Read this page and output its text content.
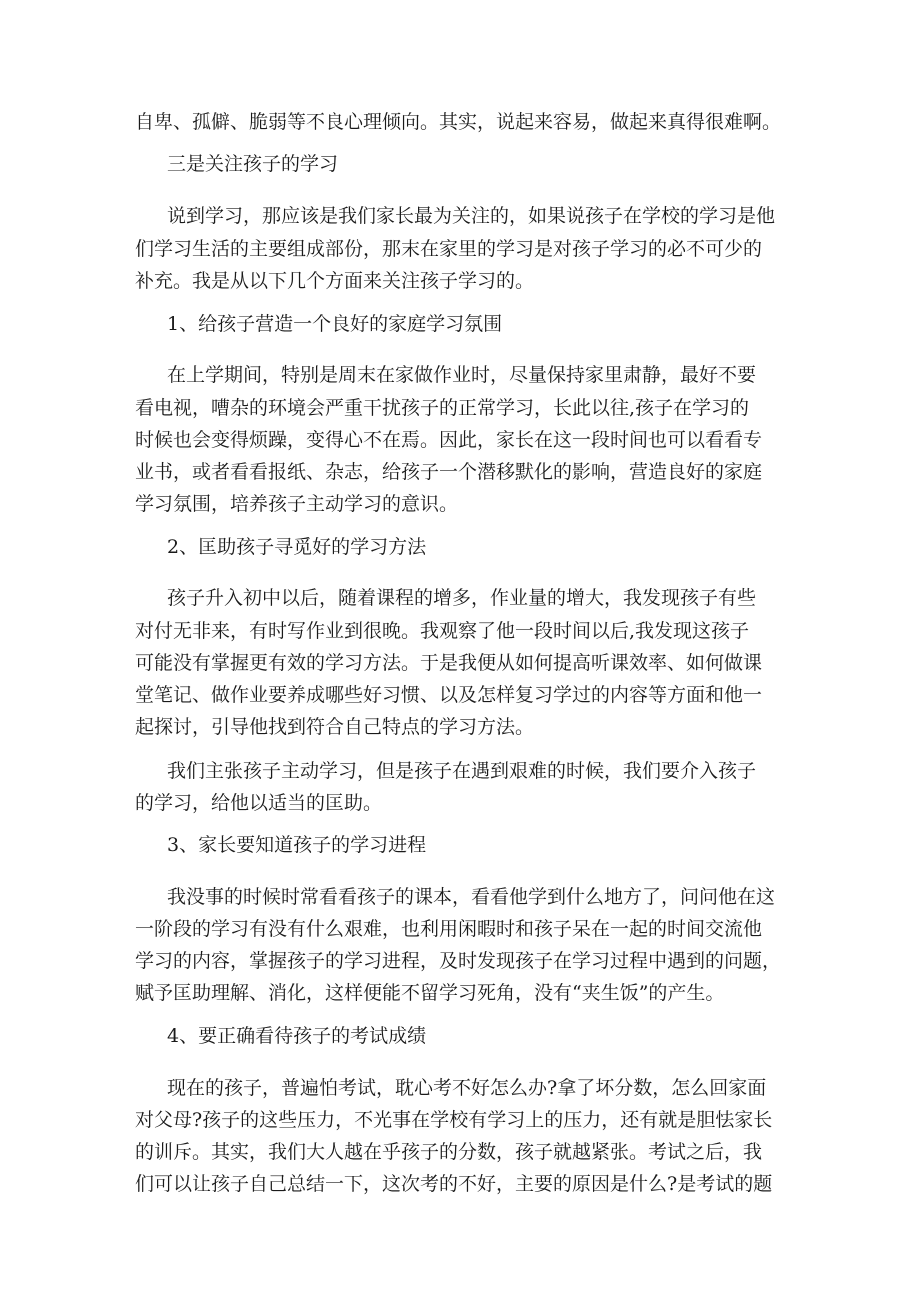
自卑、孤僻、脆弱等不良心理倾向。其实，说起来容易，做起来真得很难啊。
三是关注孩子的学习
说到学习，那应该是我们家长最为关注的，如果说孩子在学校的学习是他
们学习生活的主要组成部份，那末在家里的学习是对孩子学习的必不可少的
补充。我是从以下几个方面来关注孩子学习的。
1、给孩子营造一个良好的家庭学习氛围
在上学期间，特别是周末在家做作业时，尽量保持家里肃静，最好不要
看电视，嘈杂的环境会严重干扰孩子的正常学习，长此以往,孩子在学习的
时候也会变得烦躁，变得心不在焉。因此，家长在这一段时间也可以看看专
业书，或者看看报纸、杂志，给孩子一个潜移默化的影响，营造良好的家庭
学习氛围，培养孩子主动学习的意识。
2、匡助孩子寻觅好的学习方法
孩子升入初中以后，随着课程的增多，作业量的增大，我发现孩子有些
对付无非来，有时写作业到很晚。我观察了他一段时间以后,我发现这孩子
可能没有掌握更有效的学习方法。于是我便从如何提高听课效率、如何做课
堂笔记、做作业要养成哪些好习惯、以及怎样复习学过的内容等方面和他一
起探讨，引导他找到符合自己特点的学习方法。
我们主张孩子主动学习，但是孩子在遇到艰难的时候，我们要介入孩子
的学习，给他以适当的匡助。
3、家长要知道孩子的学习进程
我没事的时候时常看看孩子的课本，看看他学到什么地方了，问问他在这
一阶段的学习有没有什么艰难，也利用闲暇时和孩子呆在一起的时间交流他
学习的内容，掌握孩子的学习进程，及时发现孩子在学习过程中遇到的问题，
赋予匡助理解、消化，这样便能不留学习死角，没有“夹生饭”的产生。
4、要正确看待孩子的考试成绩
现在的孩子，普遍怕考试，耽心考不好怎么办?拿了坏分数，怎么回家面
对父母?孩子的这些压力，不光事在学校有学习上的压力，还有就是胆怯家长
的训斥。其实，我们大人越在乎孩子的分数，孩子就越紧张。考试之后，我
们可以让孩子自己总结一下，这次考的不好，主要的原因是什么?是考试的题
